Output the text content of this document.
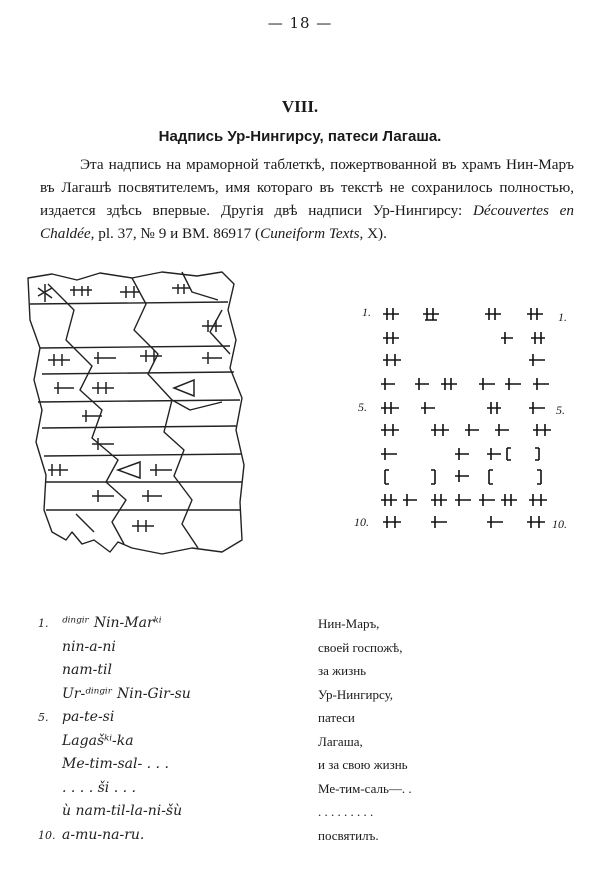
— 18 —
VIII.
Надпись Ур-Нингирсу, патеси Лагаша.

Эта надпись на мраморной таблеткѣ, пожертвованной въ храмъ Нин-Маръ въ Лагашѣ посвятителемъ, имя котораго въ текстѣ не сохранилось полностью, издается здѣсь впервые. Другія двѣ надписи Ур-Нингирсу: Découvertes en Chaldée, pl. 37, № 9 и BM. 86917 (Cuneiform Texts, X).

1.
5.
10.
1.
5.
10.
1. ᵈⁱⁿᵍⁱʳ Nin-Marᵏⁱ
nin-a-ni
nam-til
Ur-ᵈⁱⁿᵍⁱʳ Nin-Gir-su
5. pa-te-si
Lagašᵏⁱ-ka
Me-tim-sal- . . .
. . . . ši . . .
ù nam-til-la-ni-šù
10. a-mu-na-ru.
Нин-Маръ,
своей госпожѣ,
за жизнь
Ур-Нингирсу,
патеси
Лагаша,
и за свою жизнь
Ме-тим-саль—. .
. . . . . . . . .
посвятилъ.
